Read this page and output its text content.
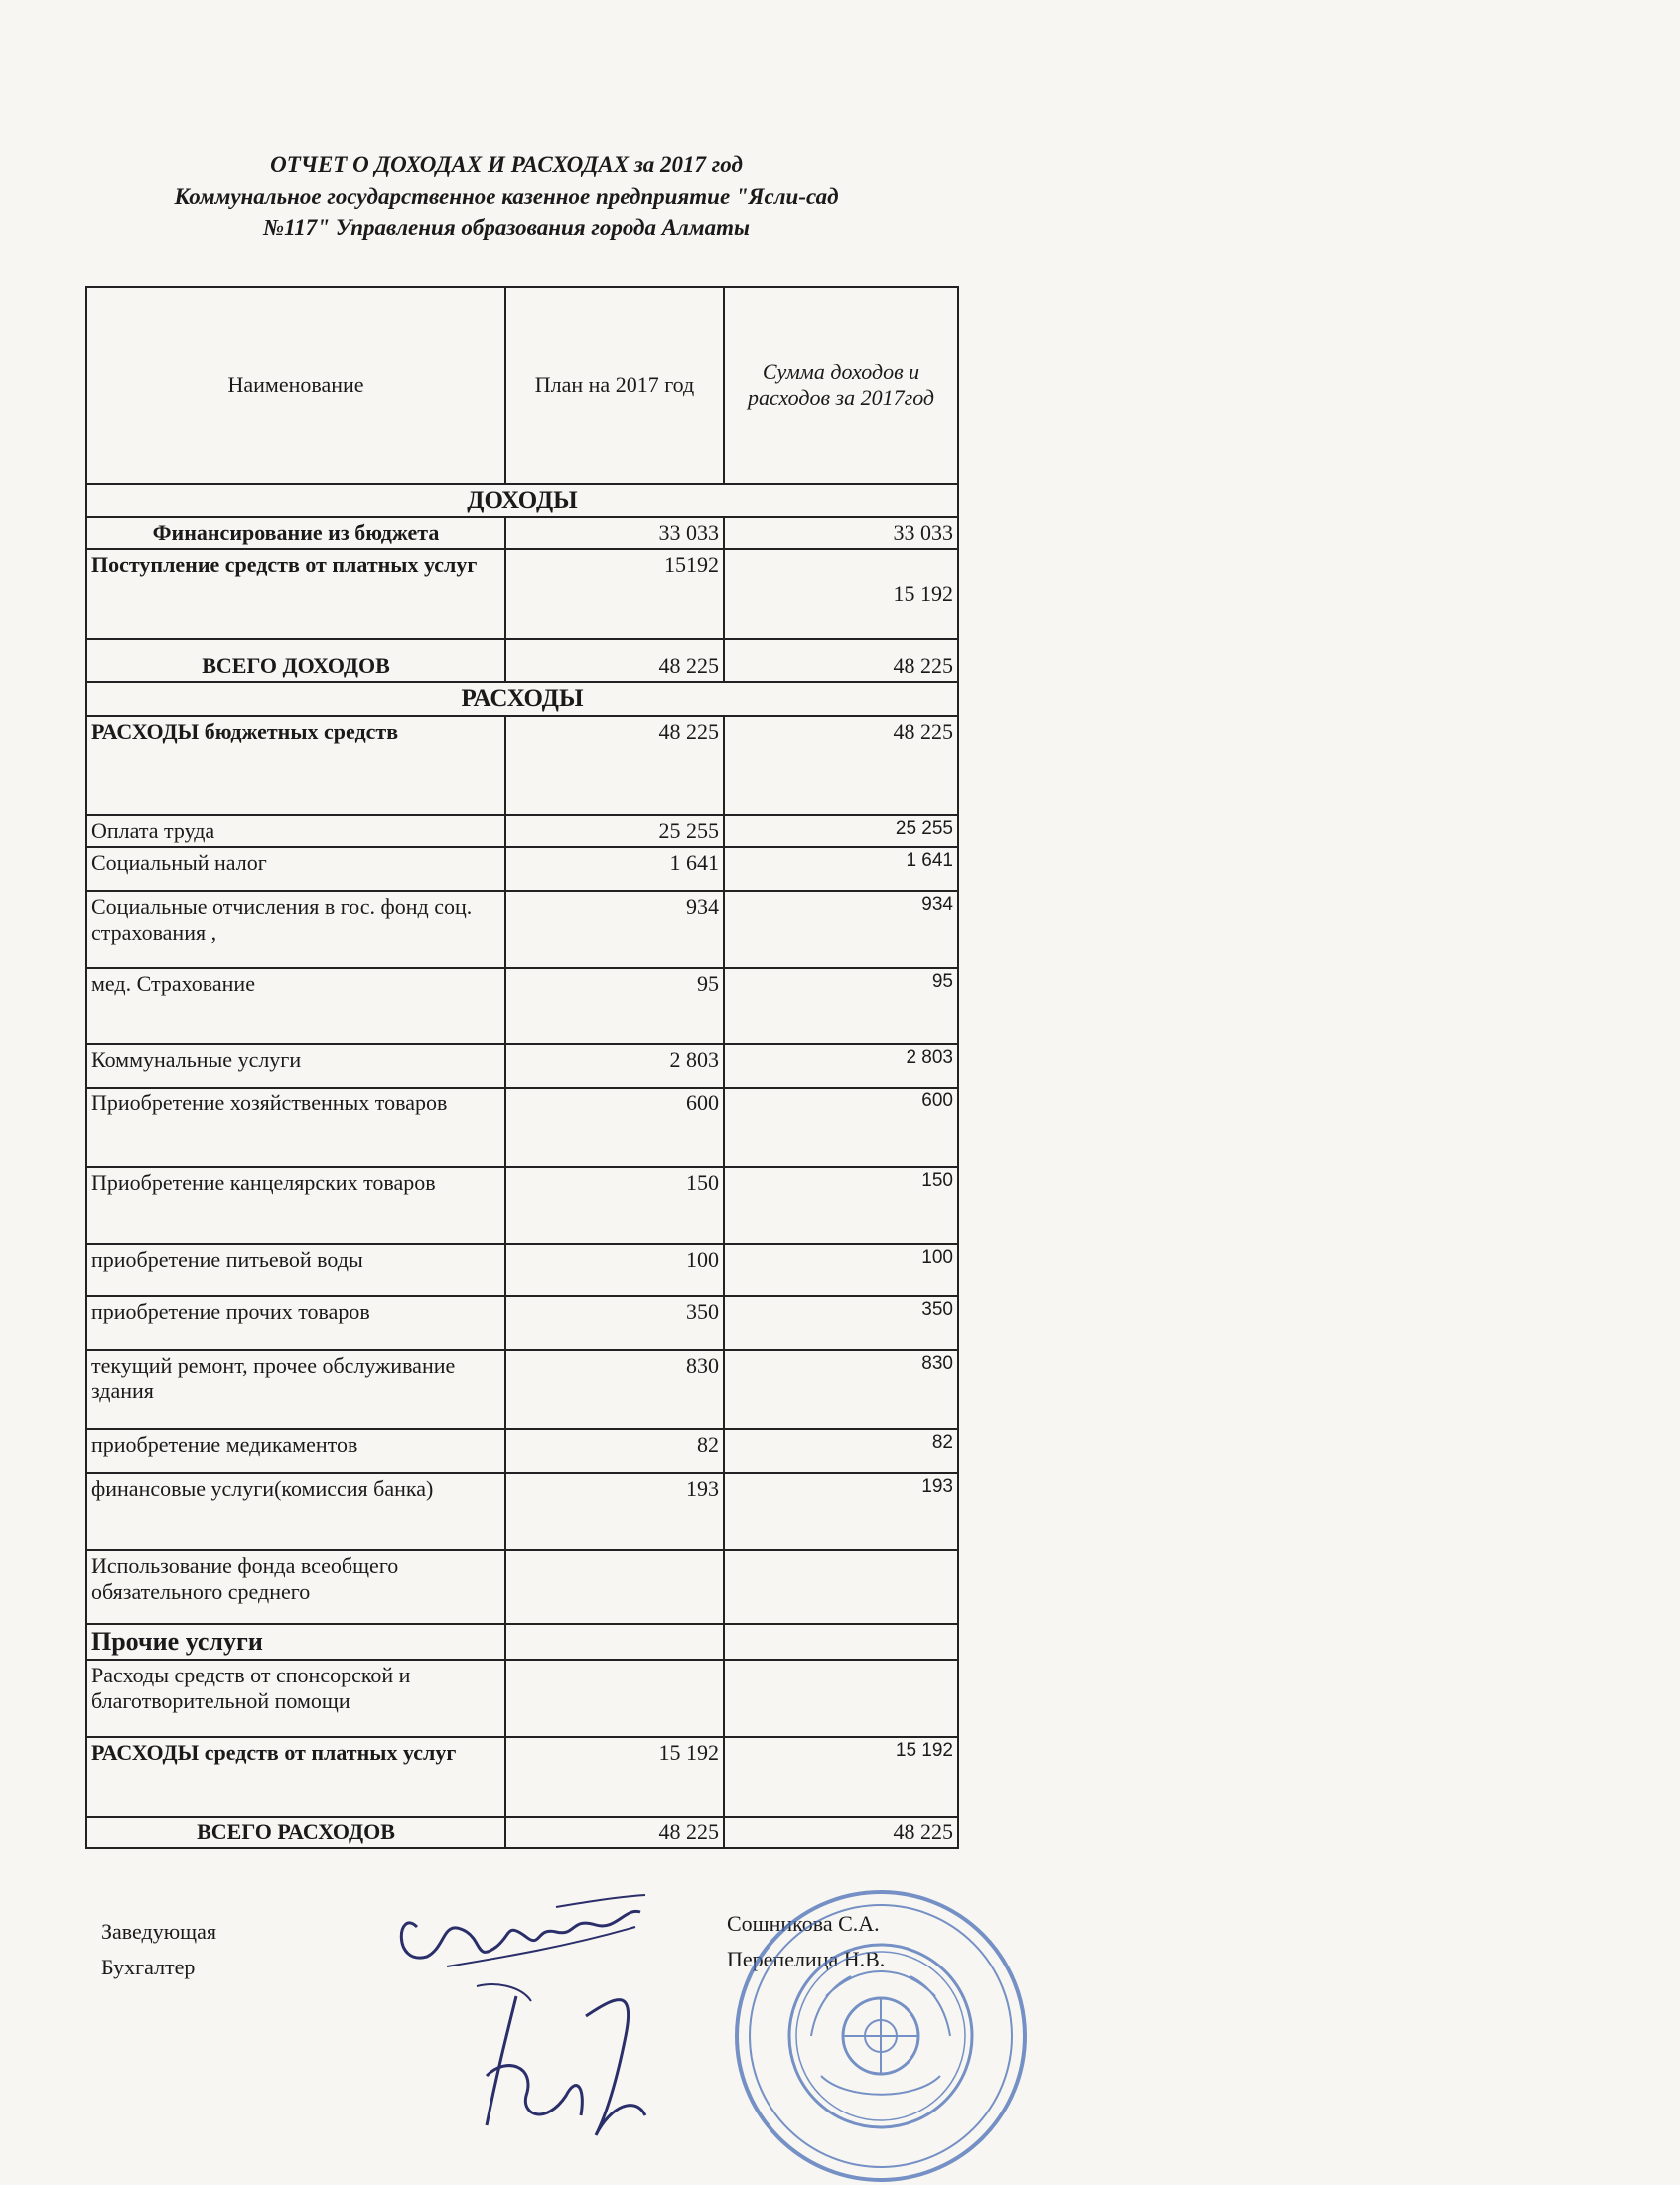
ОТЧЕТ О ДОХОДАХ И РАСХОДАХ за 2017 год
Коммунальное государственное казенное предприятие "Ясли-сад
№117" Управления образования города Алматы
Наименование	План на 2017 год	Сумма доходов и расходов за 2017год
ДОХОДЫ		
Финансирование из бюджета	33 033	33 033
Поступление средств от платных услуг	15192	15 192
ВСЕГО ДОХОДОВ	48 225	48 225
РАСХОДЫ		
РАСХОДЫ бюджетных средств	48 225	48 225
Оплата труда	25 255	25 255
Социальный налог	1 641	1 641
Социальные отчисления в гос. фонд соц. страхования ,	934	934
мед. Страхование	95	95
Коммунальные услуги	2 803	2 803
Приобретение хозяйственных товаров	600	600
Приобретение канцелярских товаров	150	150
приобретение питьевой воды	100	100
приобретение прочих товаров	350	350
текущий ремонт, прочее обслуживание здания	830	830
приобретение медикаментов	82	82
финансовые услуги(комиссия банка)	193	193
Использование фонда всеобщего обязательного среднего		
Прочие услуги		
Расходы средств от спонсорской и благотворительной помощи		
РАСХОДЫ средств от платных услуг	15 192	15 192
ВСЕГО РАСХОДОВ	48 225	48 225
Заведующая
Бухгалтер
Сошникова С.А.
Перепелица Н.В.
